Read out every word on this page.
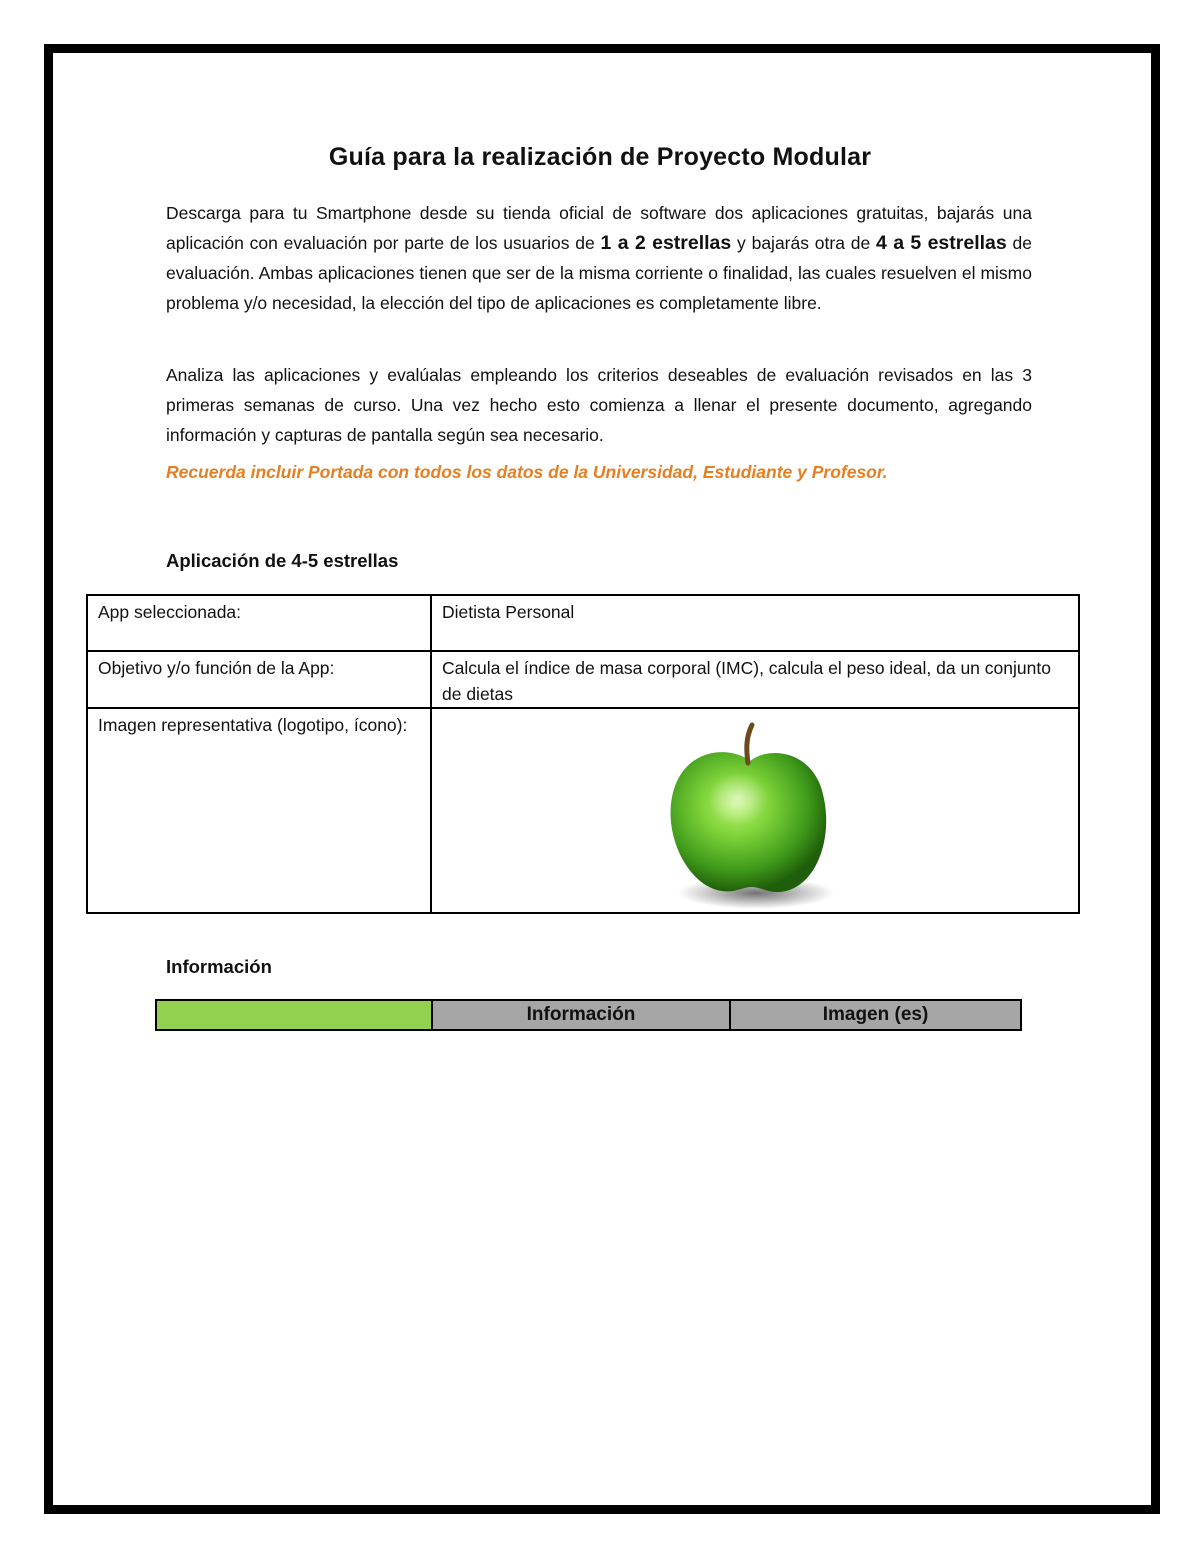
Guía para la realización de Proyecto Modular
Descarga para tu Smartphone desde su tienda oficial de software dos aplicaciones gratuitas, bajarás una aplicación con evaluación por parte de los usuarios de 1 a 2 estrellas y bajarás otra de 4 a 5 estrellas de evaluación. Ambas aplicaciones tienen que ser de la misma corriente o finalidad, las cuales resuelven el mismo problema y/o necesidad, la elección del tipo de aplicaciones es completamente libre.
Analiza las aplicaciones y evalúalas empleando los criterios deseables de evaluación revisados en las 3 primeras semanas de curso. Una vez hecho esto comienza a llenar el presente documento, agregando información y capturas de pantalla según sea necesario.
Recuerda incluir Portada con todos los datos de la Universidad, Estudiante y Profesor.
Aplicación de 4-5 estrellas
App seleccionada:	Dietista Personal
Objetivo y/o función de la App:	Calcula el índice de masa corporal (IMC), calcula el peso ideal, da un conjunto de dietas
Imagen representativa (logotipo, ícono):	
Información
	Información	Imagen (es)
